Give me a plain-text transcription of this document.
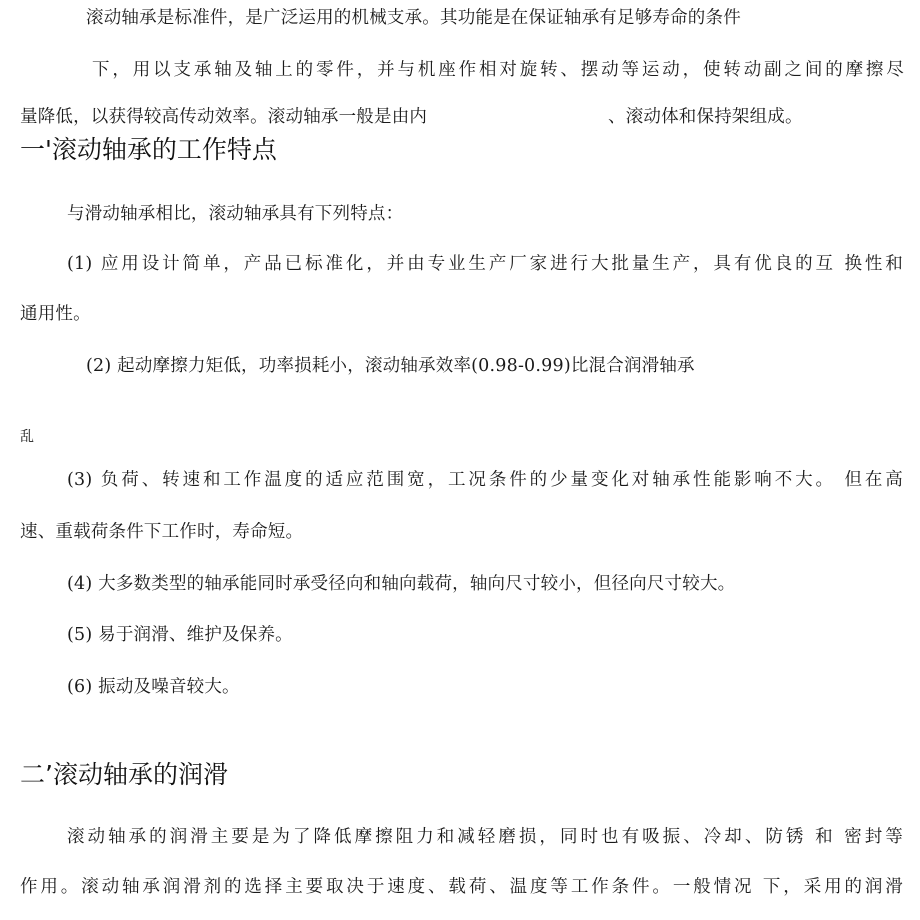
滚动轴承是标准件，是广泛运用的机械支承。其功能是在保证轴承有足够寿命的条件
下，用以支承轴及轴上的零件，并与机座作相对旋转、摆动等运动，使转动副之间的摩擦尽
量降低，以获得较高传动效率。滚动轴承一般是由内	、滚动体和保持架组成。
一'滚动轴承的工作特点
与滑动轴承相比，滚动轴承具有下列特点：
(1) 应用设计简单，产品已标准化，并由专业生产厂家进行大批量生产，具有优良的互 换性和
通用性。
(2) 起动摩擦力矩低，功率损耗小，滚动轴承效率(0.98-0.99)比混合润滑轴承
乱
(3) 负荷、转速和工作温度的适应范围宽，工况条件的少量变化对轴承性能影响不大。 但在高
速、重载荷条件下工作时，寿命短。
(4) 大多数类型的轴承能同时承受径向和轴向载荷，轴向尺寸较小，但径向尺寸较大。
(5) 易于润滑、维护及保养。
(6) 振动及噪音较大。
二’滚动轴承的润滑
滚动轴承的润滑主要是为了降低摩擦阻力和减轻磨损，同时也有吸振、冷却、防锈 和 密封等
作用。滚动轴承润滑剂的选择主要取决于速度、载荷、温度等工作条件。一般情况 下，采用的润滑
